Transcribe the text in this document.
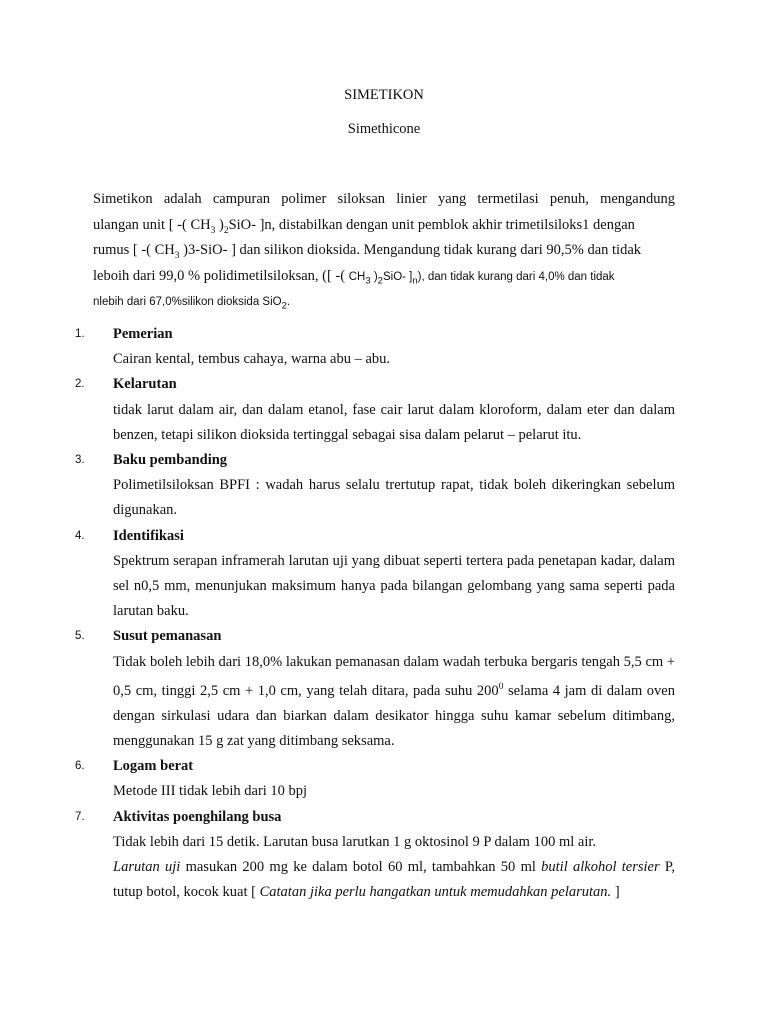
SIMETIKON
Simethicone
Simetikon adalah campuran polimer siloksan linier yang termetilasi penuh, mengandung
ulangan unit [ -( $CH_3$ )$_2SiO-$ ]n, distabilkan dengan unit pemblok akhir trimetilsiloks1 dengan
rumus [ -( $CH_3$ )3-SiO- ] dan silikon dioksida. Mengandung tidak kurang dari 90,5% dan tidak
leboih dari 99,0 % polidimetilsiloksan, ([ -( $CH_3$ )$_2SiO-$ ]$_n$), dan tidak kurang dari 4,0% dan tidak
nlebih dari 67,0%silikon dioksida SiO$_2$.
1.	Pemerian
Cairan kental, tembus cahaya, warna abu – abu.
2.	Kelarutan
tidak larut dalam air, dan dalam etanol, fase cair larut dalam kloroform, dalam eter dan dalam benzen, tetapi silikon dioksida tertinggal sebagai sisa dalam pelarut – pelarut itu.
3.	Baku pembanding
Polimetilsiloksan BPFI : wadah harus selalu trertutup rapat, tidak boleh dikeringkan sebelum digunakan.
4.	Identifikasi
Spektrum serapan inframerah larutan uji yang dibuat seperti tertera pada penetapan kadar, dalam sel n0,5 mm, menunjukan maksimum hanya pada bilangan gelombang yang sama seperti pada larutan baku.
5.	Susut pemanasan
Tidak boleh lebih dari 18,0% lakukan pemanasan dalam wadah terbuka bergaris tengah 5,5 cm + 0,5 cm, tinggi 2,5 cm + 1,0 cm, yang telah ditara, pada suhu $200^0$ selama 4 jam di dalam oven dengan sirkulasi udara dan biarkan dalam desikator hingga suhu kamar sebelum ditimbang, menggunakan 15 g zat yang ditimbang seksama.
6.	Logam berat
Metode III tidak lebih dari 10 bpj
7.	Aktivitas poenghilang busa
Tidak lebih dari 15 detik. Larutan busa larutkan 1 g oktosinol 9 P dalam 100 ml air.
Larutan uji masukan 200 mg ke dalam botol 60 ml, tambahkan 50 ml butil alkohol tersier P, tutup botol, kocok kuat [ Catatan jika perlu hangatkan untuk memudahkan pelarutan. ]
